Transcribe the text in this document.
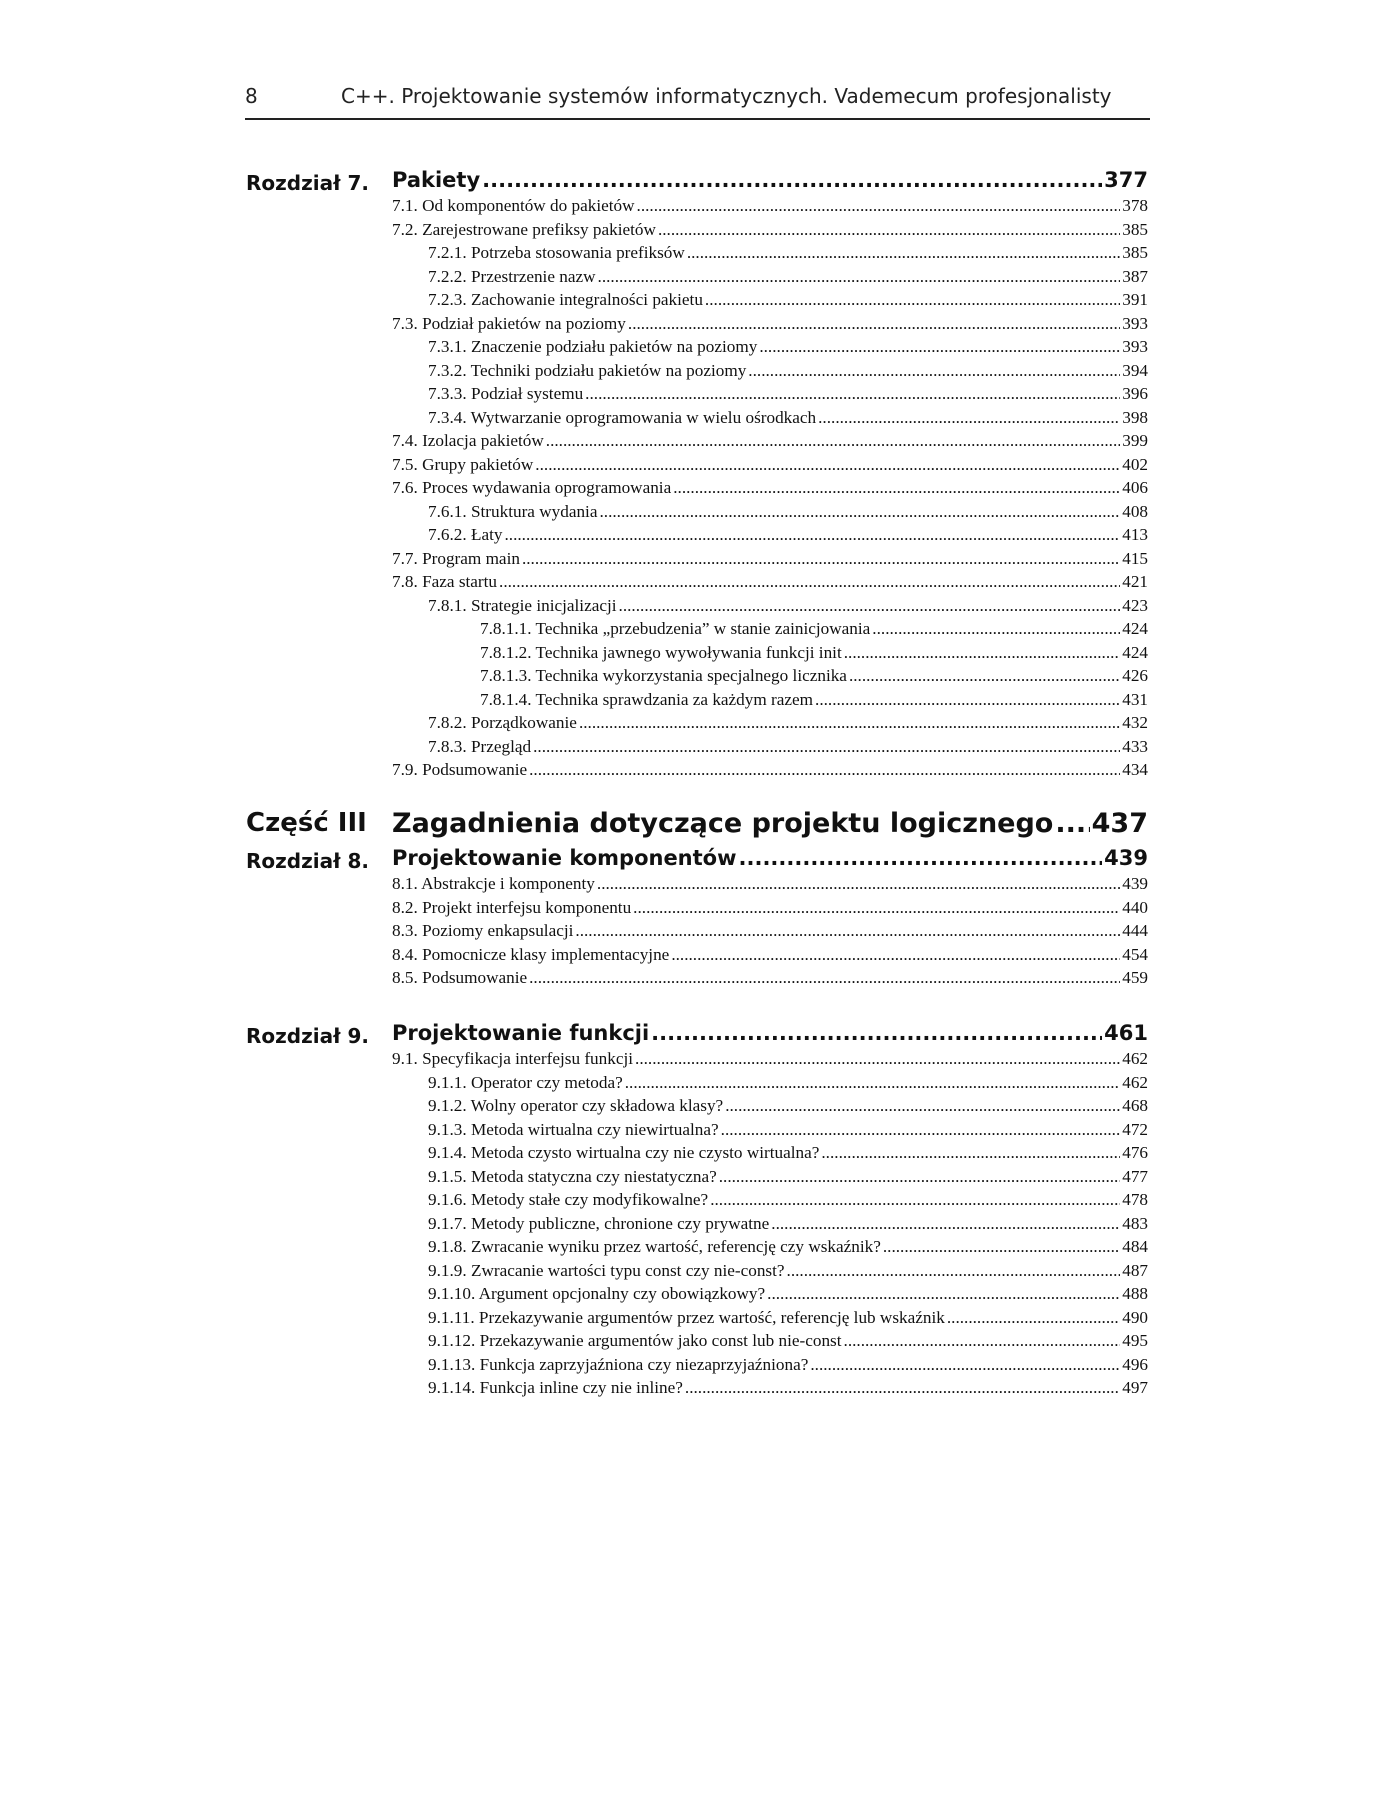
8	C++. Projektowanie systemów informatycznych. Vademecum profesjonalisty
Rozdział 7. Pakiety .....	377
7.1. Od komponentów do pakietów .....	378
7.2. Zarejestrowane prefiksy pakietów .....	385
7.2.1. Potrzeba stosowania prefiksów .....	385
7.2.2. Przestrzenie nazw .....	387
7.2.3. Zachowanie integralności pakietu .....	391
7.3. Podział pakietów na poziomy .....	393
7.3.1. Znaczenie podziału pakietów na poziomy .....	393
7.3.2. Techniki podziału pakietów na poziomy .....	394
7.3.3. Podział systemu .....	396
7.3.4. Wytwarzanie oprogramowania w wielu ośrodkach .....	398
7.4. Izolacja pakietów .....	399
7.5. Grupy pakietów .....	402
7.6. Proces wydawania oprogramowania .....	406
7.6.1. Struktura wydania .....	408
7.6.2. Łaty .....	413
7.7. Program main .....	415
7.8. Faza startu .....	421
7.8.1. Strategie inicjalizacji .....	423
7.8.1.1. Technika „przebudzenia” w stanie zainicjowania .....	424
7.8.1.2. Technika jawnego wywoływania funkcji init .....	424
7.8.1.3. Technika wykorzystania specjalnego licznika .....	426
7.8.1.4. Technika sprawdzania za każdym razem .....	431
7.8.2. Porządkowanie .....	432
7.8.3. Przegląd .....	433
7.9. Podsumowanie .....	434
Część III Zagadnienia dotyczące projektu logicznego ..... 437
Rozdział 8. Projektowanie komponentów .....	439
8.1. Abstrakcje i komponenty .....	439
8.2. Projekt interfejsu komponentu .....	440
8.3. Poziomy enkapsulacji .....	444
8.4. Pomocnicze klasy implementacyjne .....	454
8.5. Podsumowanie .....	459
Rozdział 9. Projektowanie funkcji .....	461
9.1. Specyfikacja interfejsu funkcji .....	462
9.1.1. Operator czy metoda? .....	462
9.1.2. Wolny operator czy składowa klasy? .....	468
9.1.3. Metoda wirtualna czy niewirtualna? .....	472
9.1.4. Metoda czysto wirtualna czy nie czysto wirtualna? .....	476
9.1.5. Metoda statyczna czy niestatyczna? .....	477
9.1.6. Metody stałe czy modyfikowalne? .....	478
9.1.7. Metody publiczne, chronione czy prywatne .....	483
9.1.8. Zwracanie wyniku przez wartość, referencję czy wskaźnik? .....	484
9.1.9. Zwracanie wartości typu const czy nie-const? .....	487
9.1.10. Argument opcjonalny czy obowiązkowy? .....	488
9.1.11. Przekazywanie argumentów przez wartość, referencję lub wskaźnik .....	490
9.1.12. Przekazywanie argumentów jako const lub nie-const .....	495
9.1.13. Funkcja zaprzyjaźniona czy niezaprzyjaźniona? .....	496
9.1.14. Funkcja inline czy nie inline? .....	497
